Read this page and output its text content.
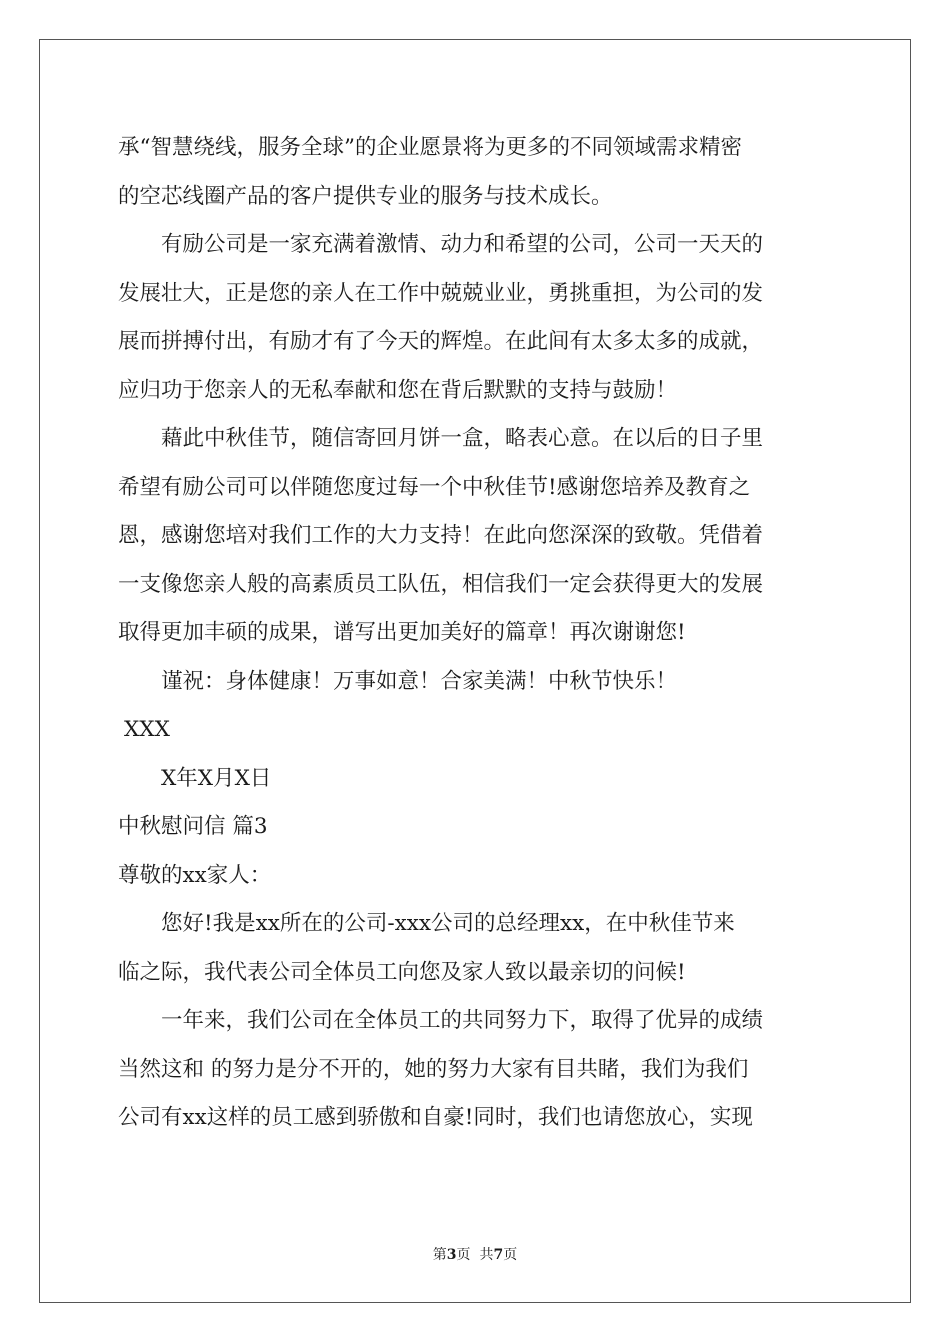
承“智慧绕线，服务全球”的企业愿景将为更多的不同领域需求精密
的空芯线圈产品的客户提供专业的服务与技术成长。
有励公司是一家充满着激情、动力和希望的公司，公司一天天的
发展壮大，正是您的亲人在工作中兢兢业业，勇挑重担，为公司的发
展而拼搏付出，有励才有了今天的辉煌。在此间有太多太多的成就，
应归功于您亲人的无私奉献和您在背后默默的支持与鼓励！
藉此中秋佳节，随信寄回月饼一盒，略表心意。在以后的日子里
希望有励公司可以伴随您度过每一个中秋佳节!感谢您培养及教育之
恩，感谢您培对我们工作的大力支持！在此向您深深的致敬。凭借着
一支像您亲人般的高素质员工队伍，相信我们一定会获得更大的发展
取得更加丰硕的成果，谱写出更加美好的篇章！再次谢谢您!
谨祝：身体健康！万事如意！合家美满！中秋节快乐！
XXX
X年X月X日
中秋慰问信 篇3
尊敬的xx家人：
您好!我是xx所在的公司-xxx公司的总经理xx，在中秋佳节来
临之际，我代表公司全体员工向您及家人致以最亲切的问候!
一年来，我们公司在全体员工的共同努力下，取得了优异的成绩
当然这和 的努力是分不开的，她的努力大家有目共睹，我们为我们
公司有xx这样的员工感到骄傲和自豪!同时，我们也请您放心，实现
第3页  共7页
